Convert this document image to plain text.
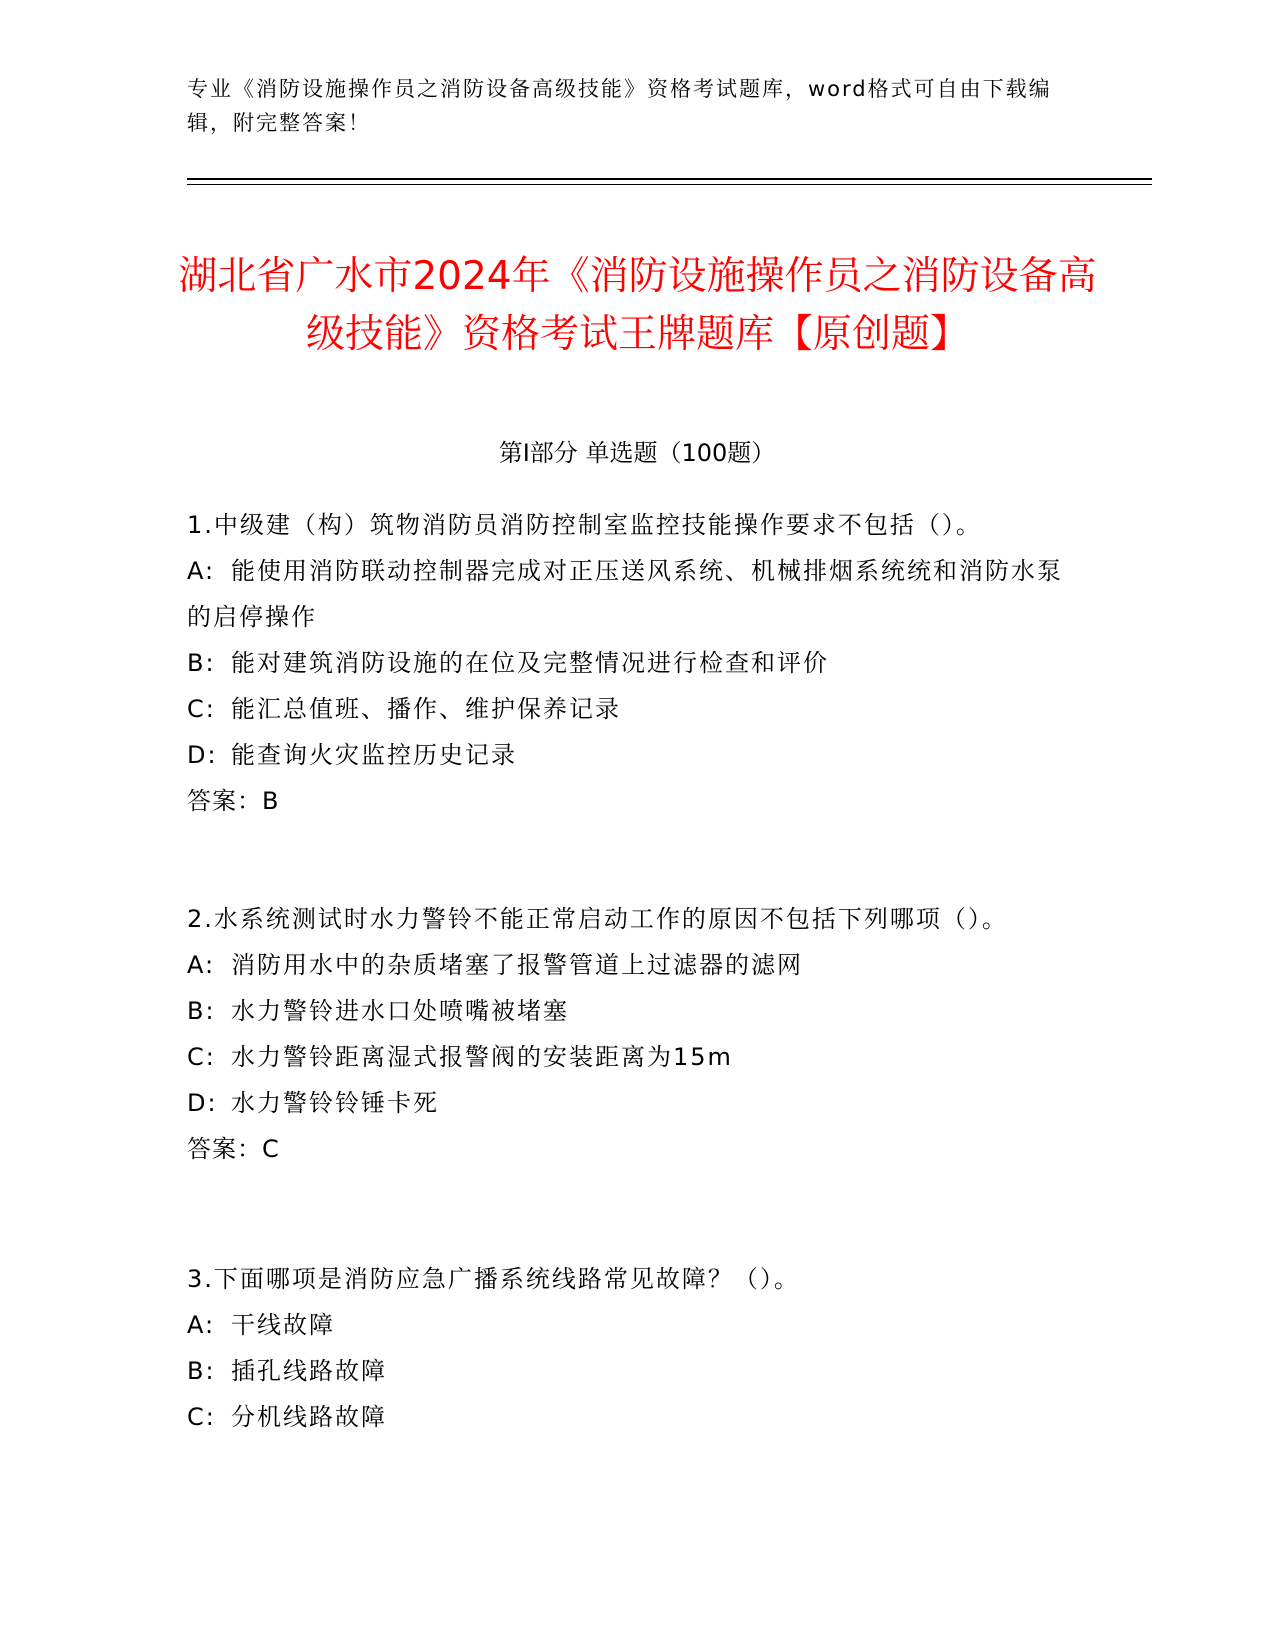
专业《消防设施操作员之消防设备高级技能》资格考试题库，word格式可自由下载编辑，附完整答案！
湖北省广水市2024年《消防设施操作员之消防设备高级技能》资格考试王牌题库【原创题】
第Ⅰ部分 单选题（100题）
1.中级建（构）筑物消防员消防控制室监控技能操作要求不包括（）。
A: 能使用消防联动控制器完成对正压送风系统、机械排烟系统统和消防水泵的启停操作
B: 能对建筑消防设施的在位及完整情况进行检查和评价
C: 能汇总值班、播作、维护保养记录
D: 能查询火灾监控历史记录
答案：B
2.水系统测试时水力警铃不能正常启动工作的原因不包括下列哪项（）。
A: 消防用水中的杂质堵塞了报警管道上过滤器的滤网
B: 水力警铃进水口处喷嘴被堵塞
C: 水力警铃距离湿式报警阀的安装距离为15m
D: 水力警铃铃锤卡死
答案：C
3.下面哪项是消防应急广播系统线路常见故障？（）。
A: 干线故障
B: 插孔线路故障
C: 分机线路故障
